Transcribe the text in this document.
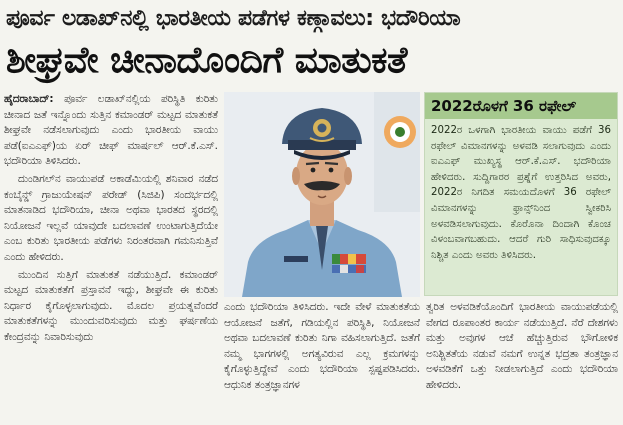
ಪೂರ್ವ ಲಡಾಖ್‌ನಲ್ಲಿ ಭಾರತೀಯ ಪಡೆಗಳ ಕಣ್ಗಾವಲು: ಭದೌರಿಯಾ
ಶೀಘ್ರವೇ ಚೀನಾದೊಂದಿಗೆ ಮಾತುಕತೆ

ಹೈದರಾಬಾದ್: ಪೂರ್ವ ಲಡಾಖ್‌ನಲ್ಲಿಯ ಪರಿಸ್ಥಿತಿ ಕುರಿತು ಚೀನಾದ ಜತೆ ಇನ್ನೊಂದು ಸುತ್ತಿನ ಕಮಾಂಡರ್ ಮಟ್ಟದ ಮಾತುಕತೆ ಶೀಘ್ರವೇ ನಡೆಸಲಾಗುವುದು ಎಂದು ಭಾರತೀಯ ವಾಯು ಪಡೆ(ಐಎಎಫ್)ಯ ಏರ್ ಚೀಫ್ ಮಾರ್ಷಲ್ ಆರ್.ಕೆ.ಎಸ್. ಭದೌರಿಯಾ ತಿಳಿಸಿದರು.

ದುಂಡಿಗಲ್‌ನ ವಾಯುಪಡೆ ಅಕಾಡೆಮಿಯಲ್ಲಿ ಶನಿವಾರ ನಡೆದ ಕಂಬೈನ್ಡ್ ಗ್ರಾಜುಯೇಷನ್ ಪರೇಡ್ (ಸಿಜಿಪಿ) ಸಂದರ್ಭದಲ್ಲಿ ಮಾತನಾಡಿದ ಭದೌರಿಯಾ, ಚೀನಾ ಅಥವಾ ಭಾರತದ ಸ್ಥರದಲ್ಲಿ ನಿಯೋಜನೆ ಇಲ್ಲವೆ ಯಾವುದೇ ಬದಲಾವಣೆ ಉಂಟಾಗುತ್ತಿದೆಯೇ ಎಂಬ ಕುರಿತು ಭಾರತೀಯ ಪಡೆಗಳು ನಿರಂತರವಾಗಿ ಗಮನಿಸುತ್ತಿವೆ ಎಂದು ಹೇಳಿದರು.

ಮುಂದಿನ ಸುತ್ತಿಗೆ ಮಾತುಕತೆ ನಡೆಯುತ್ತಿದೆ. ಕಮಾಂಡರ್ ಮಟ್ಟದ ಮಾತುಕತೆಗೆ ಪ್ರಸ್ತಾವನೆ ಇದ್ದು, ಶೀಘ್ರವೇ ಈ ಕುರಿತು ನಿರ್ಧಾರ ಕೈಗೊಳ್ಳಲಾಗುವುದು. ಮೊದಲ ಪ್ರಯತ್ನವೆಂದರೆ ಮಾತುಕತೆಗಳನ್ನು ಮುಂದುವರಿಸುವುದು ಮತ್ತು ಘರ್ಷಣೆಯ ಕೇಂದ್ರವನ್ನು ನಿವಾರಿಸುವುದು

2022ರೊಳಗೆ 36 ರಫೇಲ್
2022ರ ಒಳಗಾಗಿ ಭಾರತೀಯ ವಾಯು ಪಡೆಗೆ 36 ರಫೇಲ್ ವಿಮಾನಗಳನ್ನು ಅಳವಡಿ ಸಲಾಗುವುದು ಎಂದು ಐಎಎಫ್ ಮುಖ್ಯಸ್ಥ ಆರ್.ಕೆ.ಎಸ್. ಭದೌರಿಯಾ ಹೇಳಿದರು. ಸುದ್ದಿಗಾರರ ಪ್ರಶ್ನೆಗೆ ಉತ್ತರಿಸಿದ ಅವರು, 2022ರ ನಿಗದಿತ ಸಮಯದೊಳಗೆ 36 ರಫೇಲ್ ವಿಮಾನಗಳನ್ನು ಫ್ರಾನ್ಸ್‌ನಿಂದ ಸ್ವೀಕರಿಸಿ ಅಳವಡಿಸಲಾಗುವುದು. ಕೊರೊನಾ ದಿಂದಾಗಿ ಕೊಂಚ ವಿಳಂಬವಾಗಬಹುದು. ಆದರೆ ಗುರಿ ಸಾಧಿಸುವುದಕ್ಕೂ ನಿಶ್ಚಿತ ಎಂದು ಅವರು ತಿಳಿಸಿದರು.

ಎಂದು ಭದೌರಿಯಾ ತಿಳಿಸಿದರು. ಇದೇ ವೇಳೆ ಮಾತುಕತೆಯ ಆಯೋಜನೆ ಜತೆಗೆ, ಗಡಿಯಲ್ಲಿನ ಪರಿಸ್ಥಿತಿ, ನಿಯೋಜನೆ ಅಥವಾ ಬದಲಾವಣೆ ಕುರಿತು ನಿಗಾ ವಹಿಸಲಾಗುತ್ತಿದೆ. ಜತೆಗೆ ನಮ್ಮ ಭಾಗಗಳಲ್ಲಿ ಅಗತ್ಯವಿರುವ ಎಲ್ಲ ಕ್ರಮಗಳನ್ನು ಕೈಗೊಳ್ಳುತ್ತಿದ್ದೇವೆ ಎಂದು ಭದೌರಿಯಾ ಸ್ಪಷ್ಟಪಡಿಸಿದರು. ಆಧುನಿಕ ತಂತ್ರಜ್ಞಾನಗಳ

ತ್ವರಿತ ಅಳವಡಿಕೆಯೊಂದಿಗೆ ಭಾರತೀಯ ವಾಯುಪಡೆಯಲ್ಲಿ ವೇಗದ ರೂಪಾಂತರ ಕಾರ್ಯ ನಡೆಯುತ್ತಿದೆ. ನೆರೆ ದೇಶಗಳು ಮತ್ತು ಅವುಗಳ ಆಚೆ ಹೆಚ್ಚುತ್ತಿರುವ ಭೌಗೋಳಿಕ ಅನಿಶ್ಚಿತತೆಯ ನಡುವೆ ನಮಗೆ ಉನ್ನತ ಭದ್ರತಾ ತಂತ್ರಜ್ಞಾನ ಅಳವಡಿಕೆಗೆ ಒತ್ತು ನೀಡಲಾಗುತ್ತಿದೆ ಎಂದು ಭದೌರಿಯಾ ಹೇಳಿದರು.
